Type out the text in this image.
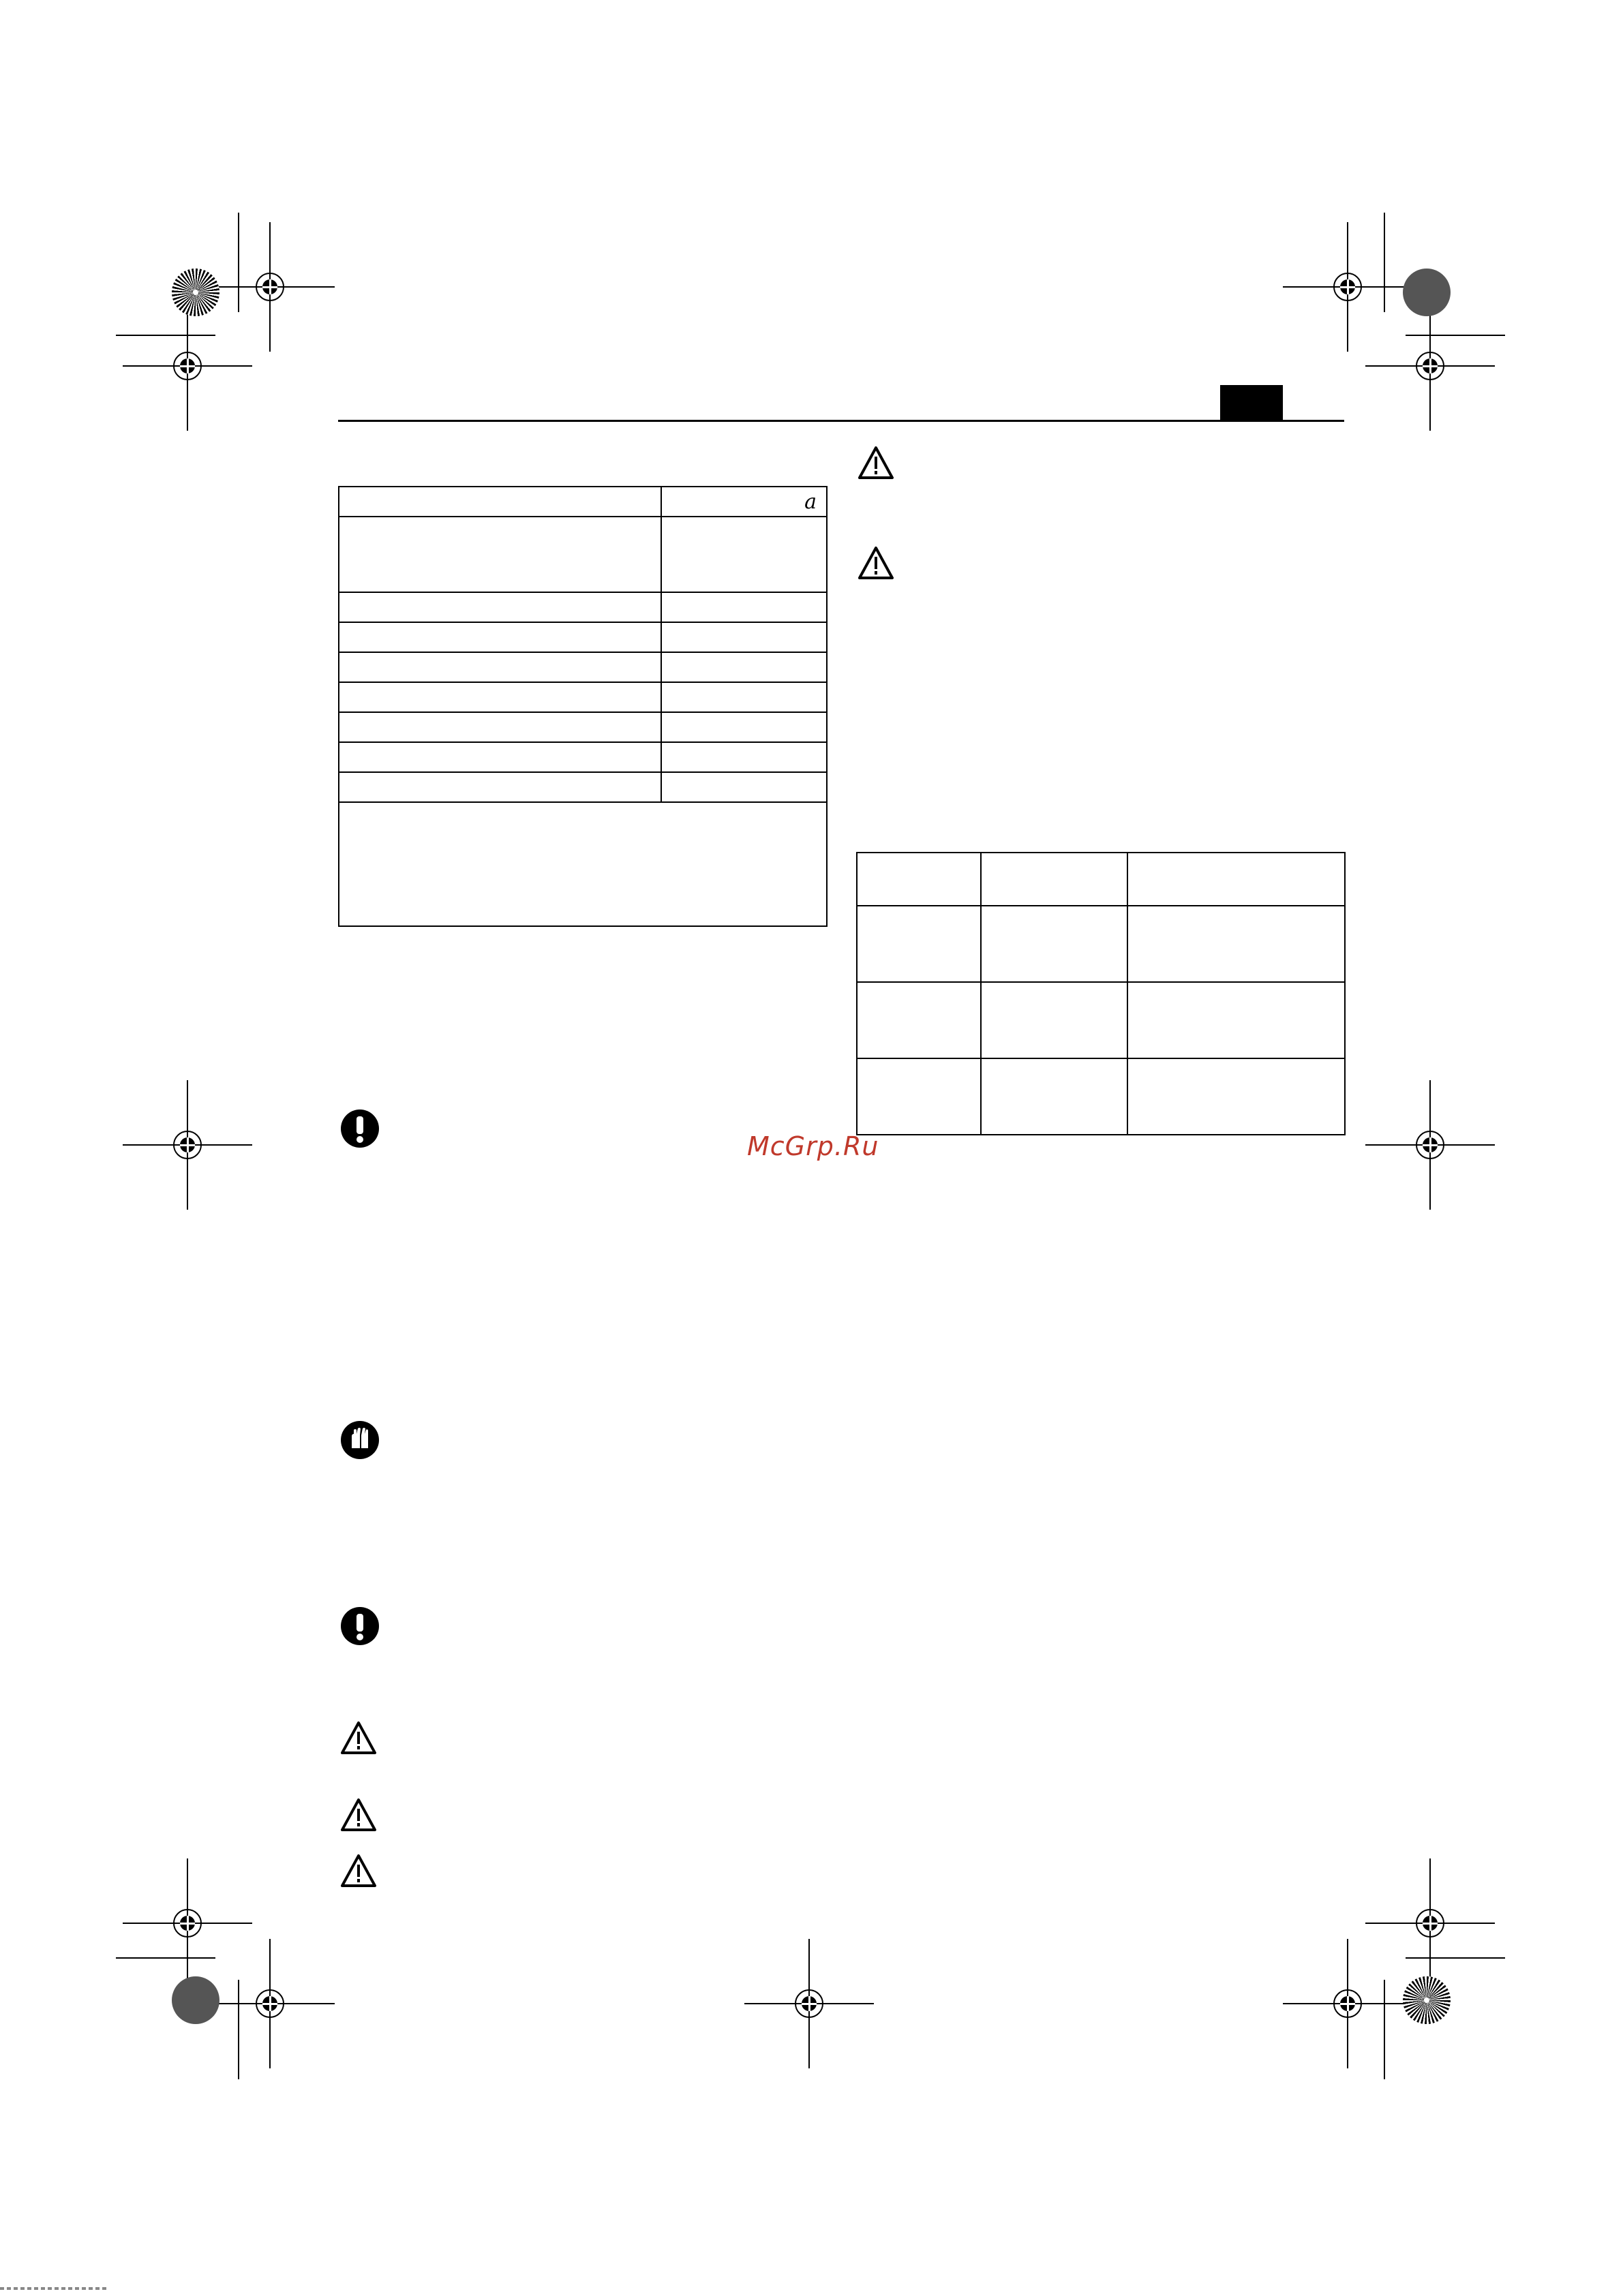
	a

McGrp.Ru
